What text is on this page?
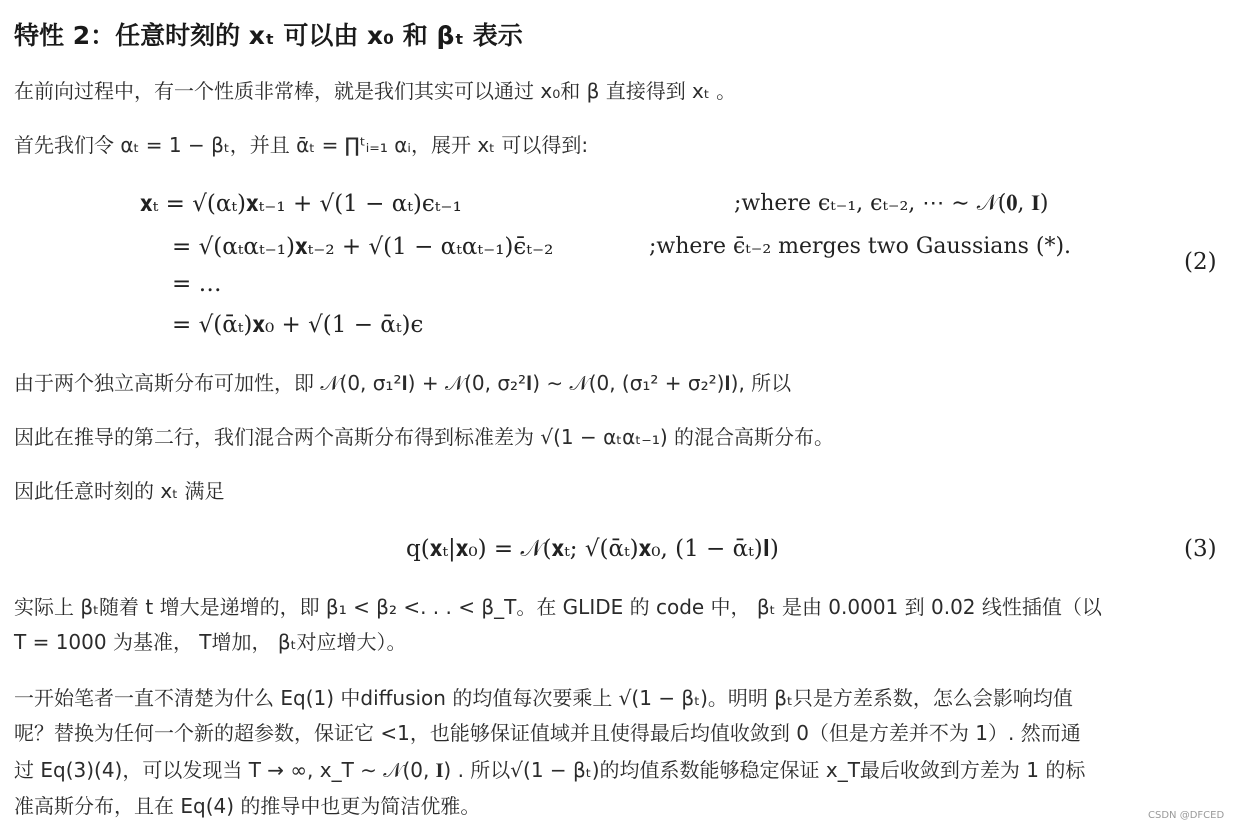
特性 2：任意时刻的 xₜ 可以由 x₀ 和 βₜ 表示
在前向过程中，有一个性质非常棒，就是我们其实可以通过 x₀和 β 直接得到 xₜ 。
首先我们令 αₜ = 1 − βₜ，并且 ᾱₜ = ∏ᵗᵢ₌₁ αᵢ，展开 xₜ 可以得到:
𝐱ₜ = √(αₜ)𝐱ₜ₋₁ + √(1 − αₜ)ϵₜ₋₁	;where ϵₜ₋₁, ϵₜ₋₂, ⋯ ∼ 𝒩(𝟎, 𝐈)
= √(αₜαₜ₋₁)𝐱ₜ₋₂ + √(1 − αₜαₜ₋₁)ϵ̄ₜ₋₂	;where ϵ̄ₜ₋₂ merges two Gaussians (*).
= …
= √(ᾱₜ)𝐱₀ + √(1 − ᾱₜ)ϵ
(2)
由于两个独立高斯分布可加性，即 𝒩(0, σ₁²𝐈) + 𝒩(0, σ₂²𝐈) ∼ 𝒩(0, (σ₁² + σ₂²)𝐈), 所以
因此在推导的第二行，我们混合两个高斯分布得到标准差为 √(1 − αₜαₜ₋₁) 的混合高斯分布。
因此任意时刻的 xₜ 满足
q(𝐱ₜ|𝐱₀) = 𝒩(𝐱ₜ; √(ᾱₜ)𝐱₀, (1 − ᾱₜ)𝐈)	(3)
实际上 βₜ随着 t 增大是递增的，即 β₁ < β₂ <. . . < β_T。在 GLIDE 的 code 中， βₜ 是由 0.0001 到 0.02 线性插值（以
T = 1000 为基准， T增加， βₜ对应增大）。
一开始笔者一直不清楚为什么 Eq(1) 中diffusion 的均值每次要乘上 √(1 − βₜ)。明明 βₜ只是方差系数，怎么会影响均值
呢？替换为任何一个新的超参数，保证它 <1，也能够保证值域并且使得最后均值收敛到 0（但是方差并不为 1）. 然而通
过 Eq(3)(4)，可以发现当 T → ∞, x_T ∼ 𝒩(0, 𝐈) . 所以√(1 − βₜ)的均值系数能够稳定保证 x_T最后收敛到方差为 1 的标
准高斯分布，且在 Eq(4) 的推导中也更为简洁优雅。	CSDN @DFCED
